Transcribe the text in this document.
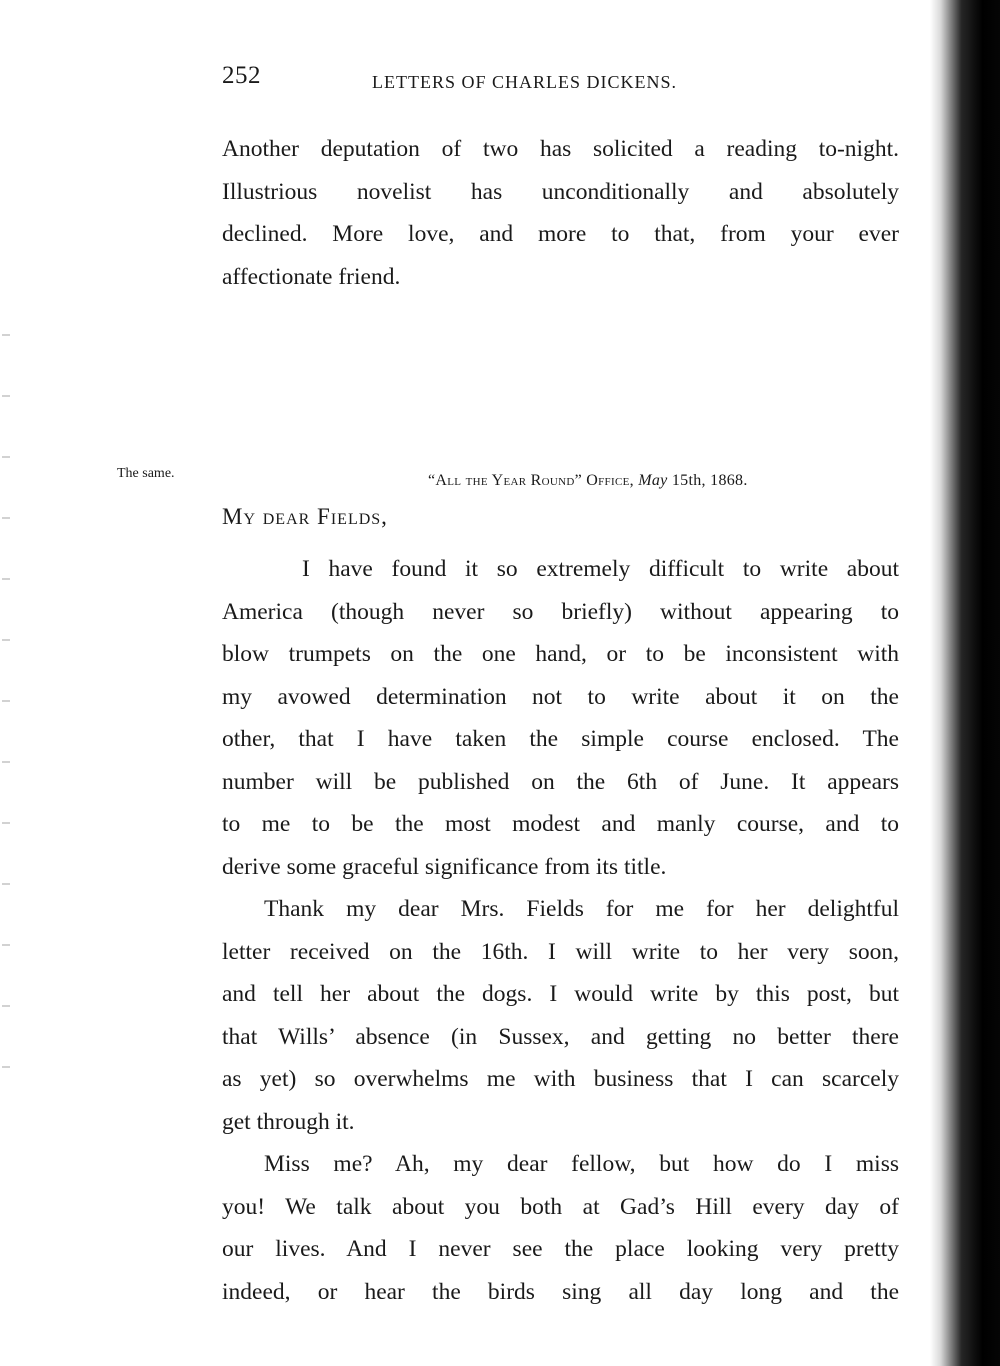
252	LETTERS OF CHARLES DICKENS.
Another deputation of two has solicited a reading to-night.
Illustrious novelist has unconditionally and absolutely
declined. More love, and more to that, from your ever
affectionate friend.
The same.	“All the Year Round” Office, May 15th, 1868.
My dear Fields,
I have found it so extremely difficult to write about
America (though never so briefly) without appearing to
blow trumpets on the one hand, or to be inconsistent with
my avowed determination not to write about it on the
other, that I have taken the simple course enclosed. The
number will be published on the 6th of June. It appears
to me to be the most modest and manly course, and to
derive some graceful significance from its title.
Thank my dear Mrs. Fields for me for her delightful
letter received on the 16th. I will write to her very soon,
and tell her about the dogs. I would write by this post, but
that Wills’ absence (in Sussex, and getting no better there
as yet) so overwhelms me with business that I can scarcely
get through it.
Miss me? Ah, my dear fellow, but how do I miss
you! We talk about you both at Gad’s Hill every day of
our lives. And I never see the place looking very pretty
indeed, or hear the birds sing all day long and the
